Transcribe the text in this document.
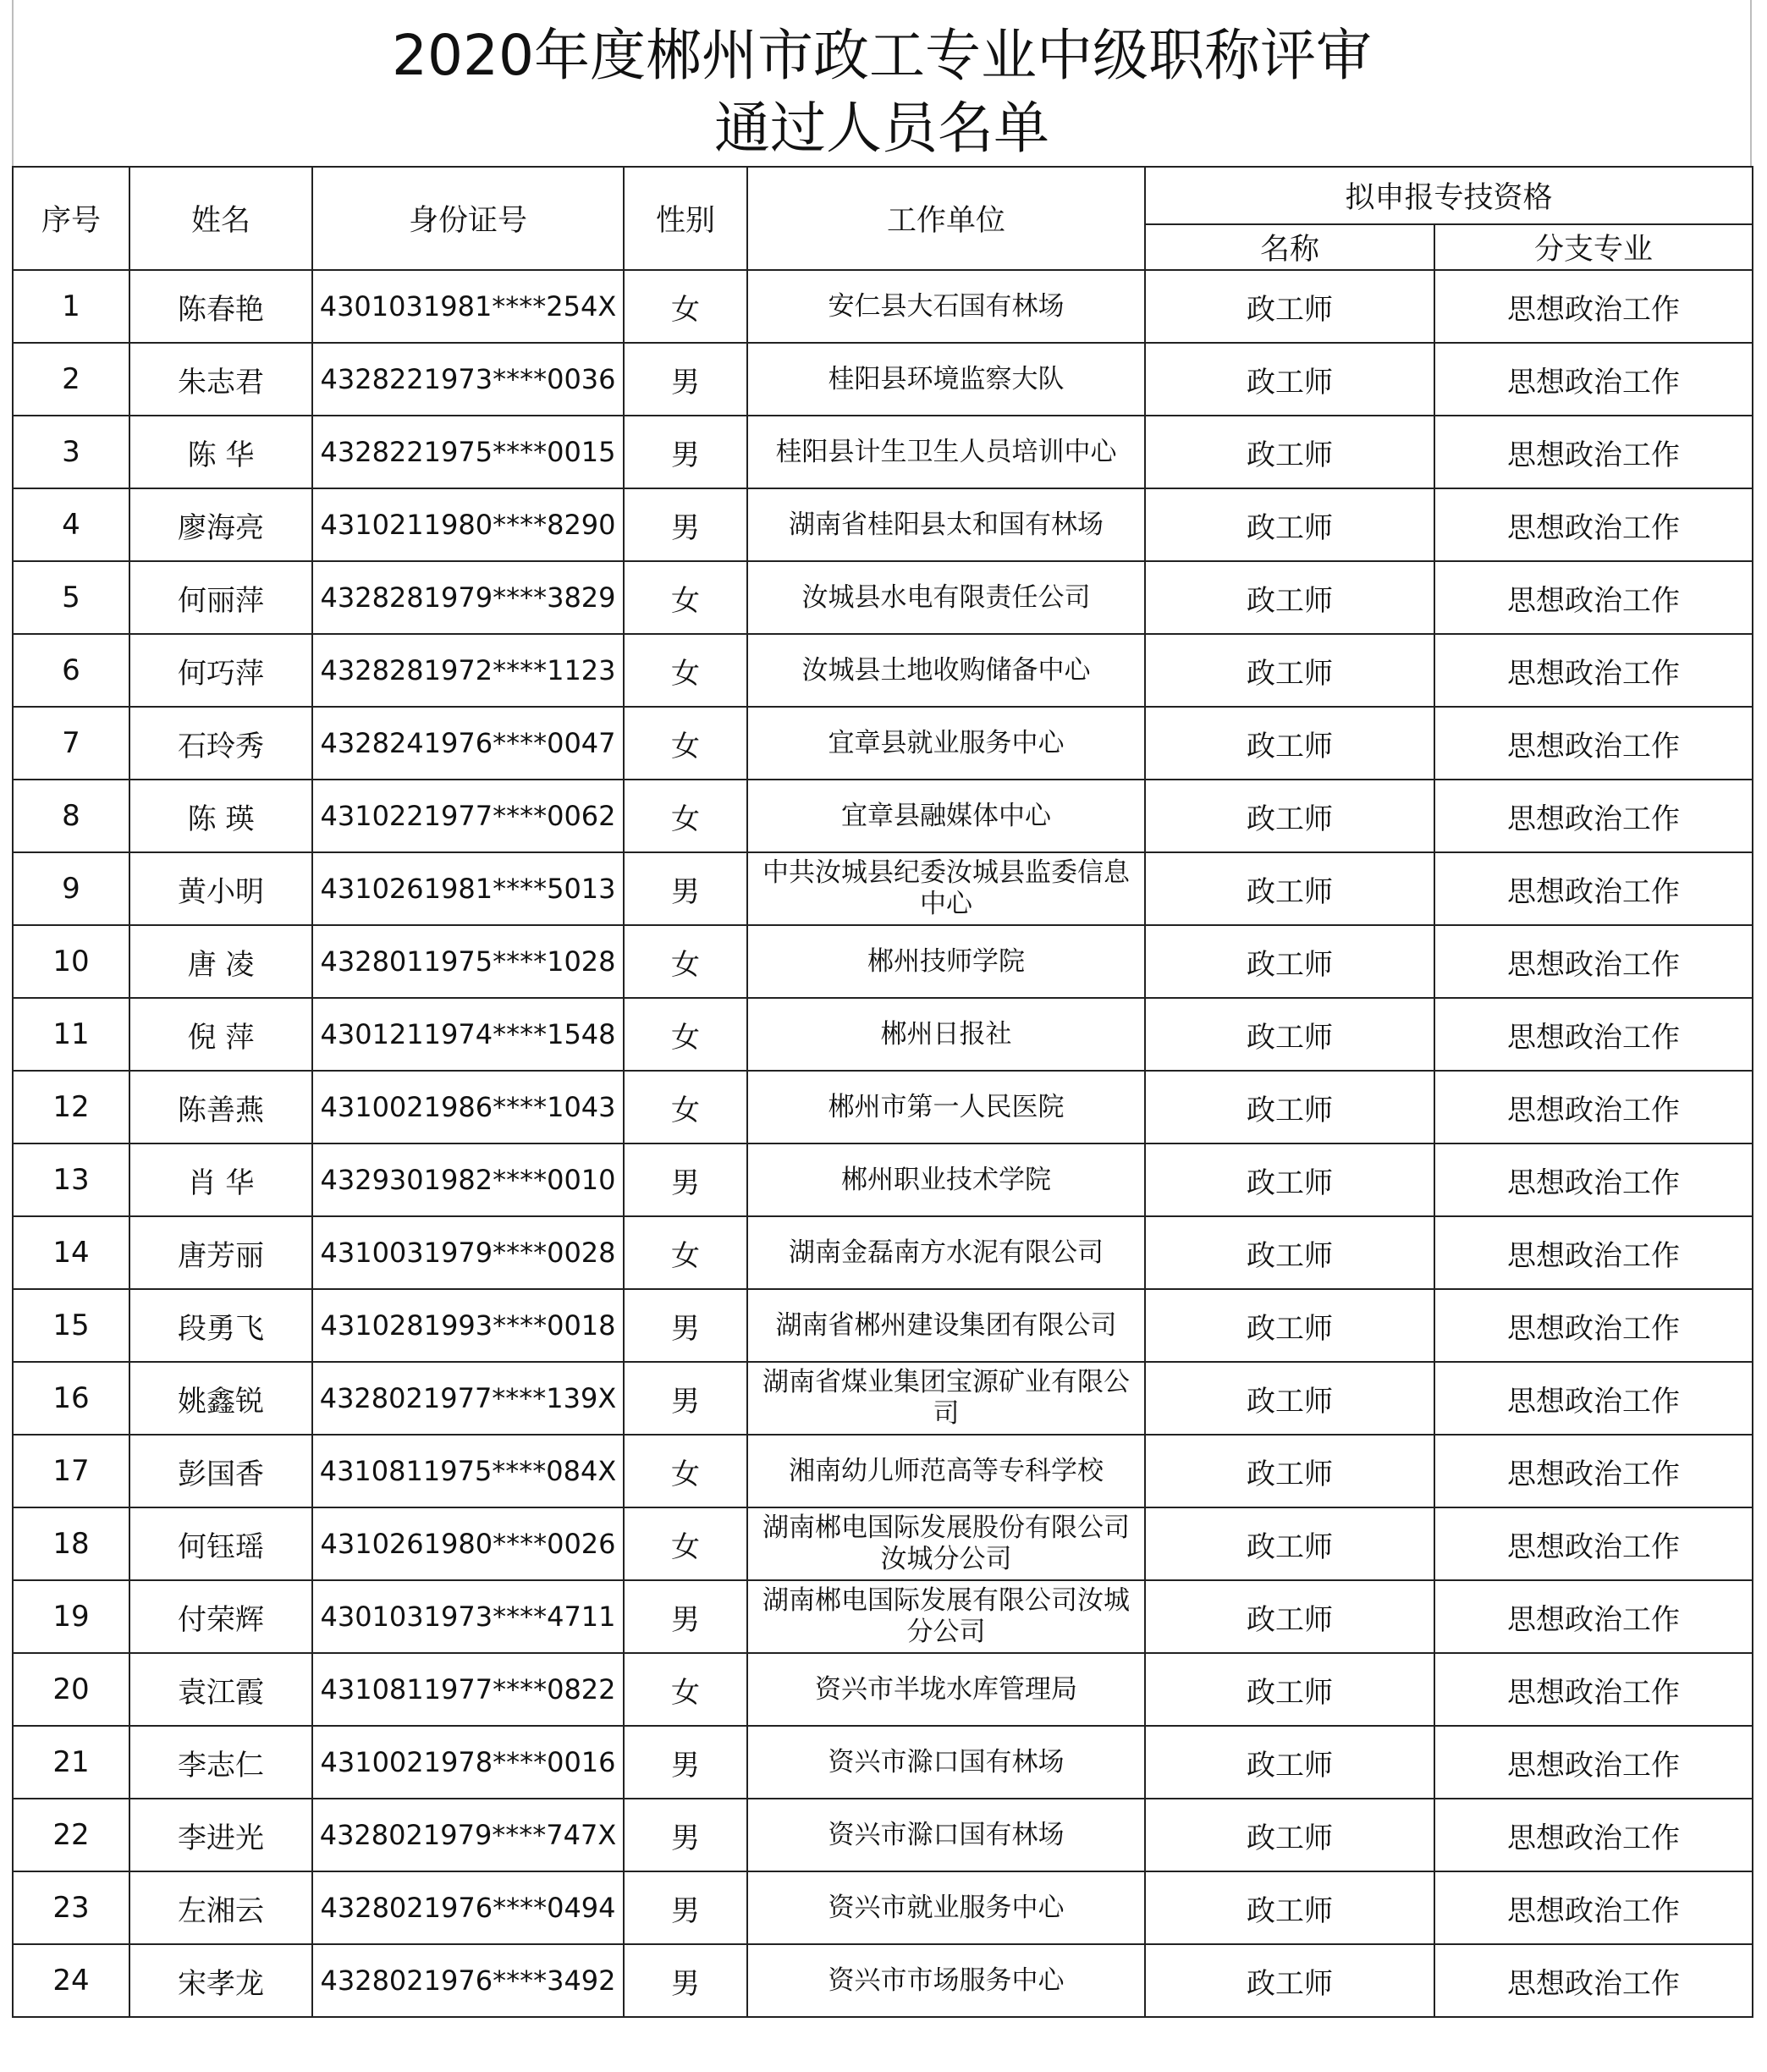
2020年度郴州市政工专业中级职称评审
通过人员名单
序号	姓名	身份证号	性别	工作单位	拟申报专技资格	
					名称	分支专业
1	陈春艳	4301031981****254X	女	安仁县大石国有林场	政工师	思想政治工作
2	朱志君	4328221973****0036	男	桂阳县环境监察大队	政工师	思想政治工作
3	陈 华	4328221975****0015	男	桂阳县计生卫生人员培训中心	政工师	思想政治工作
4	廖海亮	4310211980****8290	男	湖南省桂阳县太和国有林场	政工师	思想政治工作
5	何丽萍	4328281979****3829	女	汝城县水电有限责任公司	政工师	思想政治工作
6	何巧萍	4328281972****1123	女	汝城县土地收购储备中心	政工师	思想政治工作
7	石玲秀	4328241976****0047	女	宜章县就业服务中心	政工师	思想政治工作
8	陈 瑛	4310221977****0062	女	宜章县融媒体中心	政工师	思想政治工作
9	黄小明	4310261981****5013	男	中共汝城县纪委汝城县监委信息中心	政工师	思想政治工作
10	唐 凌	4328011975****1028	女	郴州技师学院	政工师	思想政治工作
11	倪 萍	4301211974****1548	女	郴州日报社	政工师	思想政治工作
12	陈善燕	4310021986****1043	女	郴州市第一人民医院	政工师	思想政治工作
13	肖 华	4329301982****0010	男	郴州职业技术学院	政工师	思想政治工作
14	唐芳丽	4310031979****0028	女	湖南金磊南方水泥有限公司	政工师	思想政治工作
15	段勇飞	4310281993****0018	男	湖南省郴州建设集团有限公司	政工师	思想政治工作
16	姚鑫锐	4328021977****139X	男	湖南省煤业集团宝源矿业有限公司	政工师	思想政治工作
17	彭国香	4310811975****084X	女	湘南幼儿师范高等专科学校	政工师	思想政治工作
18	何钰瑶	4310261980****0026	女	湖南郴电国际发展股份有限公司汝城分公司	政工师	思想政治工作
19	付荣辉	4301031973****4711	男	湖南郴电国际发展有限公司汝城分公司	政工师	思想政治工作
20	袁江霞	4310811977****0822	女	资兴市半垅水库管理局	政工师	思想政治工作
21	李志仁	4310021978****0016	男	资兴市滁口国有林场	政工师	思想政治工作
22	李进光	4328021979****747X	男	资兴市滁口国有林场	政工师	思想政治工作
23	左湘云	4328021976****0494	男	资兴市就业服务中心	政工师	思想政治工作
24	宋孝龙	4328021976****3492	男	资兴市市场服务中心	政工师	思想政治工作
